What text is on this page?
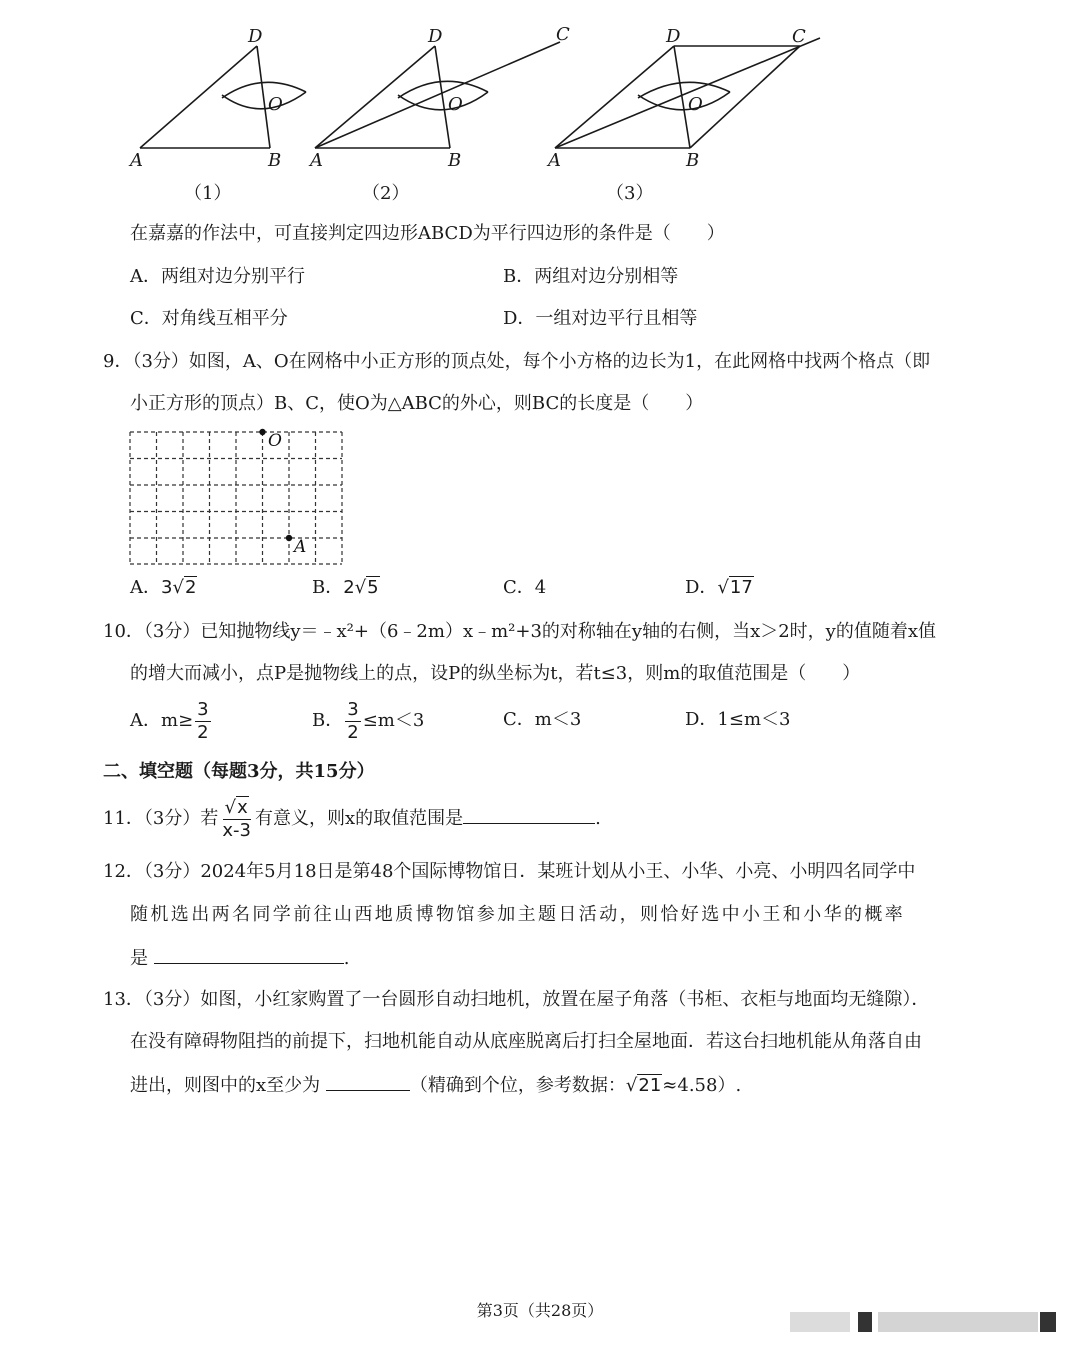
D
O
A	B
D	C
O
A	B
D	C
O
A	B
（1）	（2）	（3）
在嘉嘉的作法中，可直接判定四边形ABCD为平行四边形的条件是（　　）
A．两组对边分别平行	B．两组对边分别相等
C．对角线互相平分	D．一组对边平行且相等
9．（3分）如图，A、O在网格中小正方形的顶点处，每个小方格的边长为1，在此网格中找两个格点（即
小正方形的顶点）B、C，使O为△ABC的外心，则BC的长度是（　　）
O
A
A．3√2	B．2√5	C．4	D．√17
10．（3分）已知抛物线y＝﹣x²+（6﹣2m）x﹣m²+3的对称轴在y轴的右侧，当x＞2时，y的值随着x值
的增大而减小，点P是抛物线上的点，设P的纵坐标为t，若t≤3，则m的取值范围是（　　）
A．$m\ge \frac{3}{2}$	B． $\frac{3}{2} \le m<3$	C．m＜3	D．1≤m＜3
二、填空题（每题3分，共15分）
11．（3分）若 $\frac{√x}{x-3}$ 有意义，则x的取值范围是	.
12．（3分）2024年5月18日是第48个国际博物馆日．某班计划从小王、小华、小亮、小明四名同学中
随机选出两名同学前往山西地质博物馆参加主题日活动，则恰好选中小王和小华的概率
是	.
13．（3分）如图，小红家购置了一台圆形自动扫地机，放置在屋子角落（书柜、衣柜与地面均无缝隙）．
在没有障碍物阻挡的前提下，扫地机能自动从底座脱离后打扫全屋地面．若这台扫地机能从角落自由
进出，则图中的x至少为	（精确到个位，参考数据：√21≈4.58）.
第3页（共28页）
